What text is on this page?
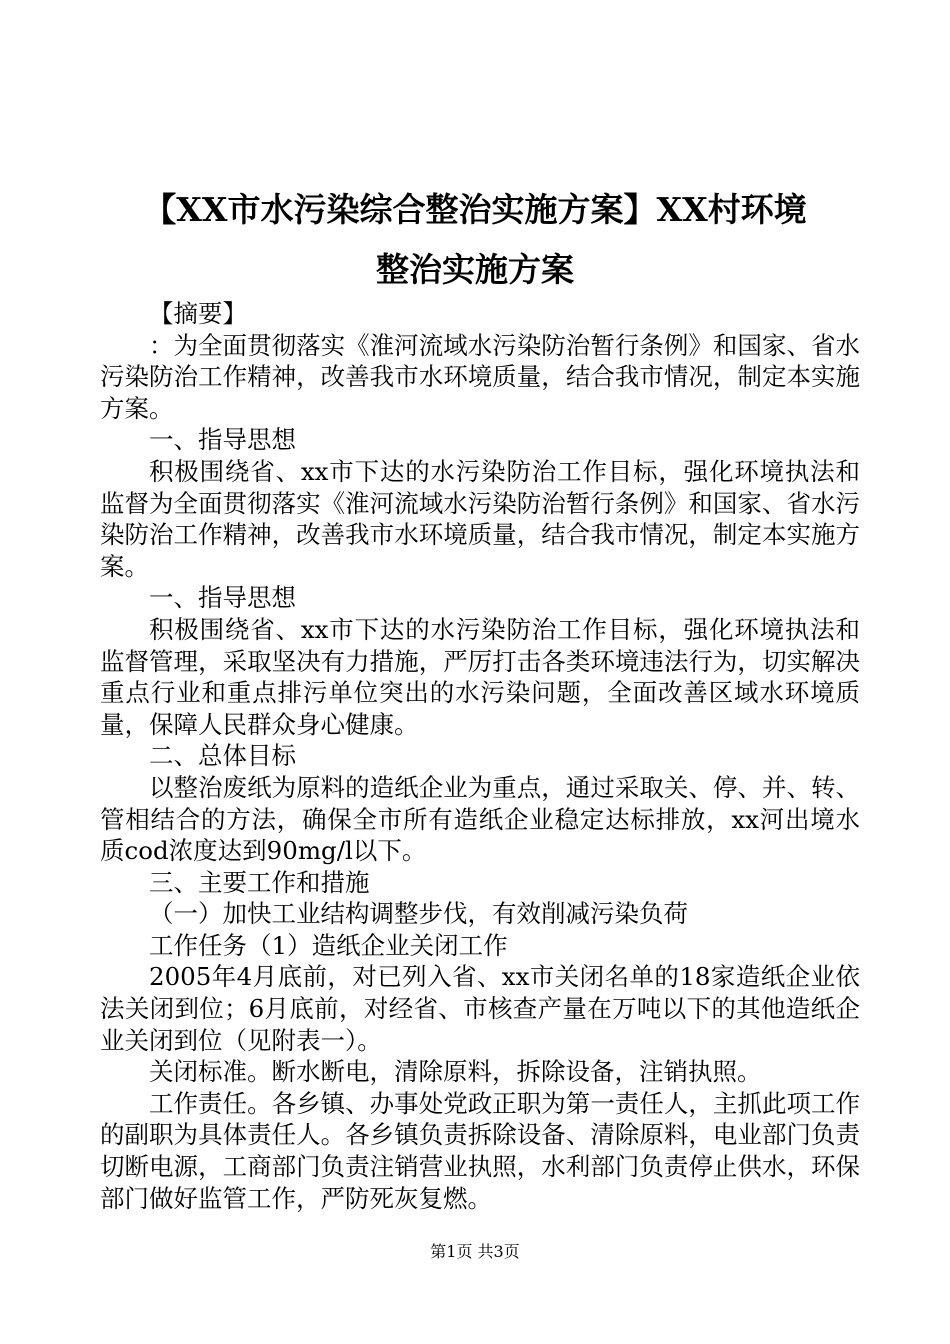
【XX市水污染综合整治实施方案】XX村环境
整治实施方案

【摘要】

：为全面贯彻落实《淮河流域水污染防治暂行条例》和国家、省水污染防治工作精神，改善我市水环境质量，结合我市情况，制定本实施方案。

一、指导思想

积极围绕省、xx市下达的水污染防治工作目标，强化环境执法和监督为全面贯彻落实《淮河流域水污染防治暂行条例》和国家、省水污染防治工作精神，改善我市水环境质量，结合我市情况，制定本实施方案。

一、指导思想

积极围绕省、xx市下达的水污染防治工作目标，强化环境执法和监督管理，采取坚决有力措施，严厉打击各类环境违法行为，切实解决重点行业和重点排污单位突出的水污染问题，全面改善区域水环境质量，保障人民群众身心健康。

二、总体目标

以整治废纸为原料的造纸企业为重点，通过采取关、停、并、转、管相结合的方法，确保全市所有造纸企业稳定达标排放，xx河出境水质cod浓度达到90mg/l以下。

三、主要工作和措施

（一）加快工业结构调整步伐，有效削减污染负荷

工作任务（1）造纸企业关闭工作

2005年4月底前，对已列入省、xx市关闭名单的18家造纸企业依法关闭到位；6月底前，对经省、市核查产量在万吨以下的其他造纸企业关闭到位（见附表一）。

关闭标准。断水断电，清除原料，拆除设备，注销执照。

工作责任。各乡镇、办事处党政正职为第一责任人，主抓此项工作的副职为具体责任人。各乡镇负责拆除设备、清除原料，电业部门负责切断电源，工商部门负责注销营业执照，水利部门负责停止供水，环保部门做好监管工作，严防死灰复燃。

第1页 共3页
